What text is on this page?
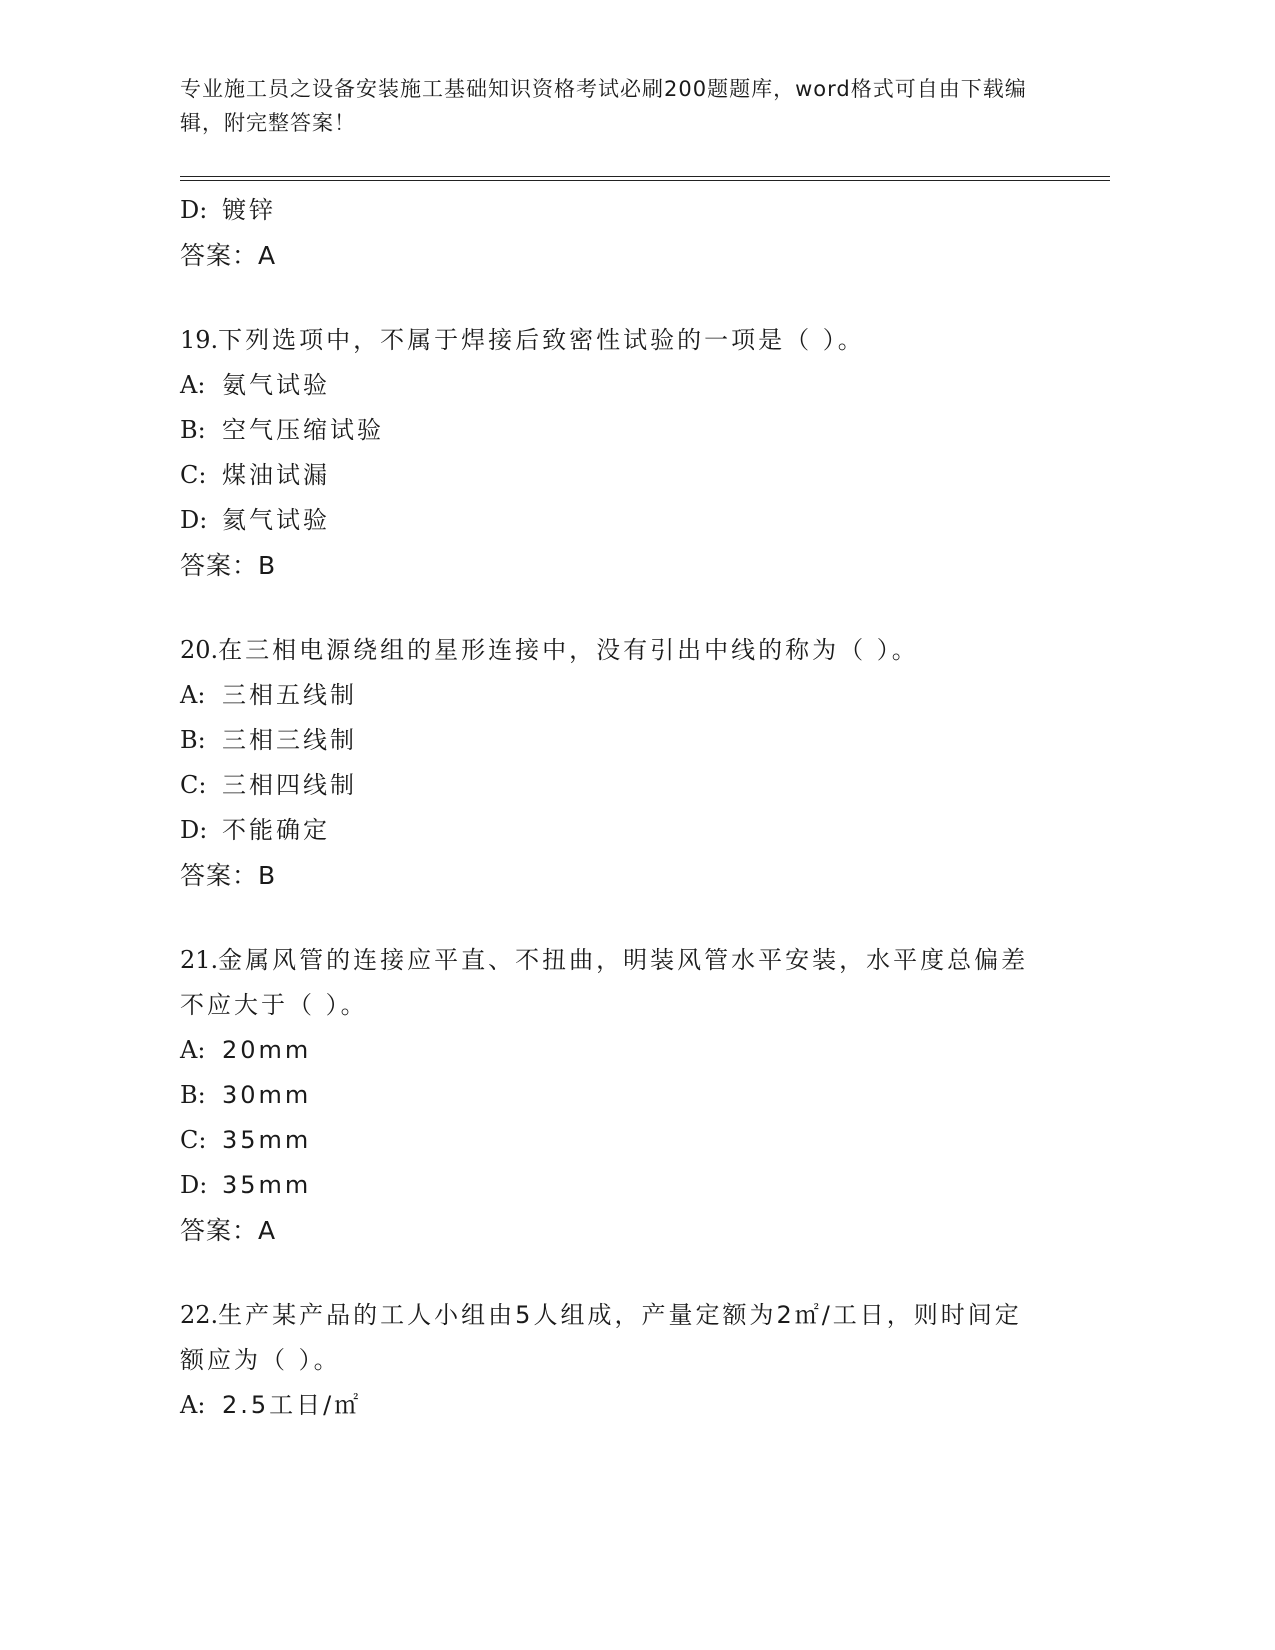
专业施工员之设备安装施工基础知识资格考试必刷200题题库，word格式可自由下载编辑，附完整答案！
D: 镀锌
答案：A
19.下列选项中，不属于焊接后致密性试验的一项是（ ）。
A: 氨气试验
B: 空气压缩试验
C: 煤油试漏
D: 氦气试验
答案：B
20.在三相电源绕组的星形连接中，没有引出中线的称为（ ）。
A: 三相五线制
B: 三相三线制
C: 三相四线制
D: 不能确定
答案：B
21.金属风管的连接应平直、不扭曲，明装风管水平安装，水平度总偏差不应大于（ ）。
A: 20mm
B: 30mm
C: 35mm
D: 35mm
答案：A
22.生产某产品的工人小组由5人组成，产量定额为2㎡/工日，则时间定额应为（ ）。
A: 2.5工日/㎡
